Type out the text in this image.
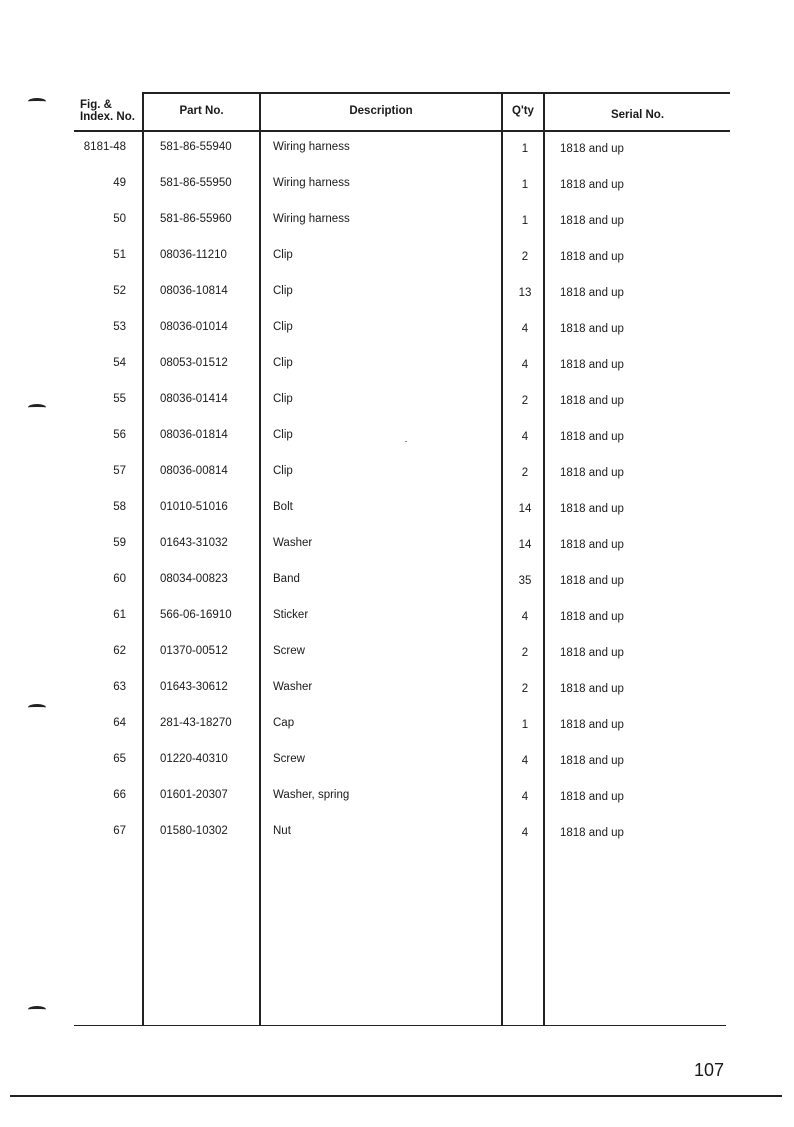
Fig. &
Index. No.	Part No.	Description	Q'ty	Serial No.
8181-48	581-86-55940	Wiring harness	1	1818 and up
49	581-86-55950	Wiring harness	1	1818 and up
50	581-86-55960	Wiring harness	1	1818 and up
51	08036-11210	Clip	2	1818 and up
52	08036-10814	Clip	13	1818 and up
53	08036-01014	Clip	4	1818 and up
54	08053-01512	Clip	4	1818 and up
55	08036-01414	Clip	2	1818 and up
56	08036-01814	Clip	4	1818 and up
57	08036-00814	Clip	2	1818 and up
58	01010-51016	Bolt	14	1818 and up
59	01643-31032	Washer	14	1818 and up
60	08034-00823	Band	35	1818 and up
61	566-06-16910	Sticker	4	1818 and up
62	01370-00512	Screw	2	1818 and up
63	01643-30612	Washer	2	1818 and up
64	281-43-18270	Cap	1	1818 and up
65	01220-40310	Screw	4	1818 and up
66	01601-20307	Washer, spring	4	1818 and up
67	01580-10302	Nut	4	1818 and up
107
